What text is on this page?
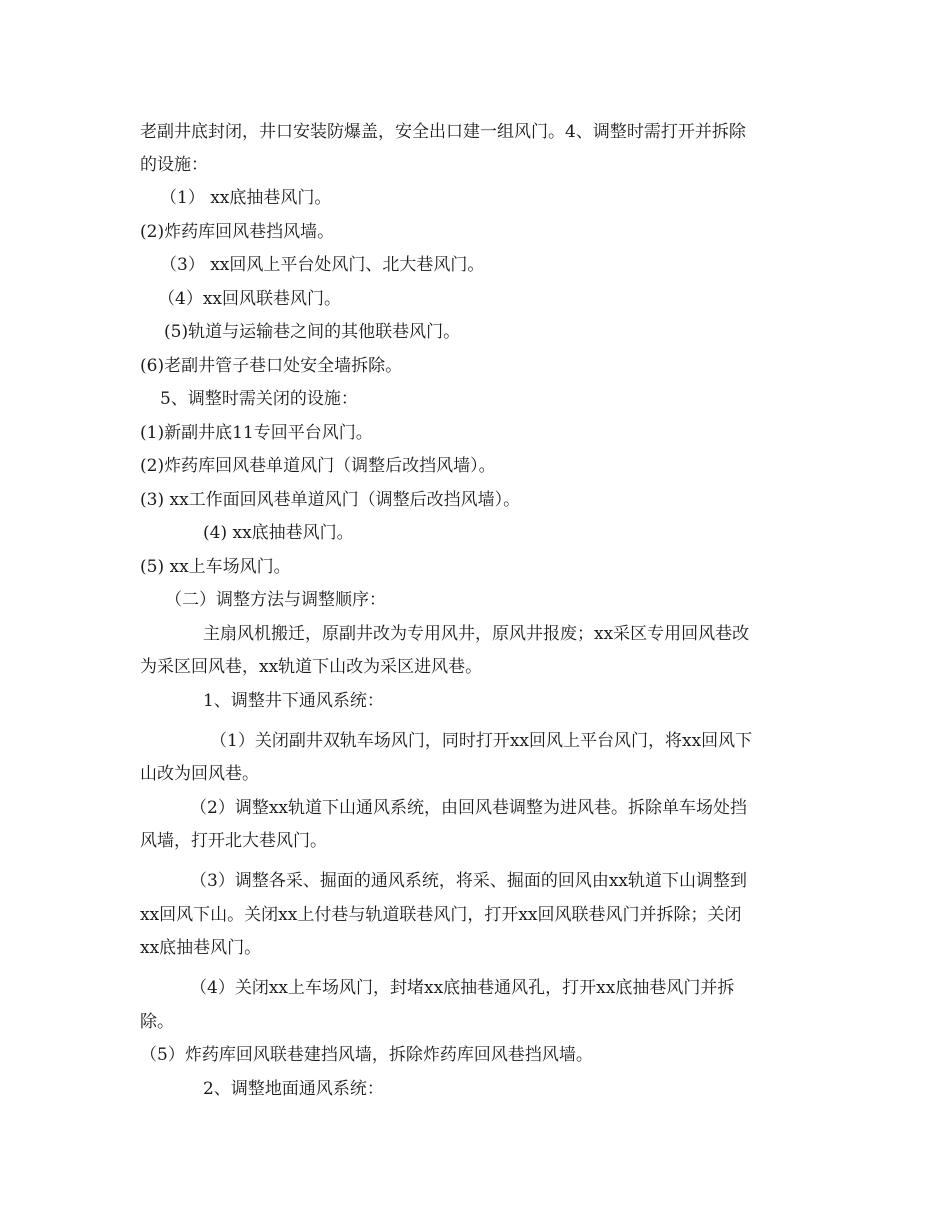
老副井底封闭，井口安装防爆盖，安全出口建一组风门。4、调整时需打开并拆除
的设施：
（1） xx底抽巷风门。
(2)炸药库回风巷挡风墙。
（3） xx回风上平台处风门、北大巷风门。
（4）xx回风联巷风门。
(5)轨道与运输巷之间的其他联巷风门。
(6)老副井管子巷口处安全墙拆除。
5、调整时需关闭的设施：
(1)新副井底11专回平台风门。
(2)炸药库回风巷单道风门（调整后改挡风墙）。
(3) xx工作面回风巷单道风门（调整后改挡风墙）。
(4) xx底抽巷风门。
(5) xx上车场风门。
（二）调整方法与调整顺序：
主扇风机搬迁，原副井改为专用风井，原风井报废；xx采区专用回风巷改
为采区回风巷，xx轨道下山改为采区进风巷。
1、调整井下通风系统：
（1）关闭副井双轨车场风门，同时打开xx回风上平台风门，将xx回风下
山改为回风巷。
（2）调整xx轨道下山通风系统，由回风巷调整为进风巷。拆除单车场处挡
风墙，打开北大巷风门。
（3）调整各采、掘面的通风系统，将采、掘面的回风由xx轨道下山调整到
xx回风下山。关闭xx上付巷与轨道联巷风门，打开xx回风联巷风门并拆除；关闭
xx底抽巷风门。
（4）关闭xx上车场风门，封堵xx底抽巷通风孔，打开xx底抽巷风门并拆
除。
（5）炸药库回风联巷建挡风墙，拆除炸药库回风巷挡风墙。
2、调整地面通风系统：
